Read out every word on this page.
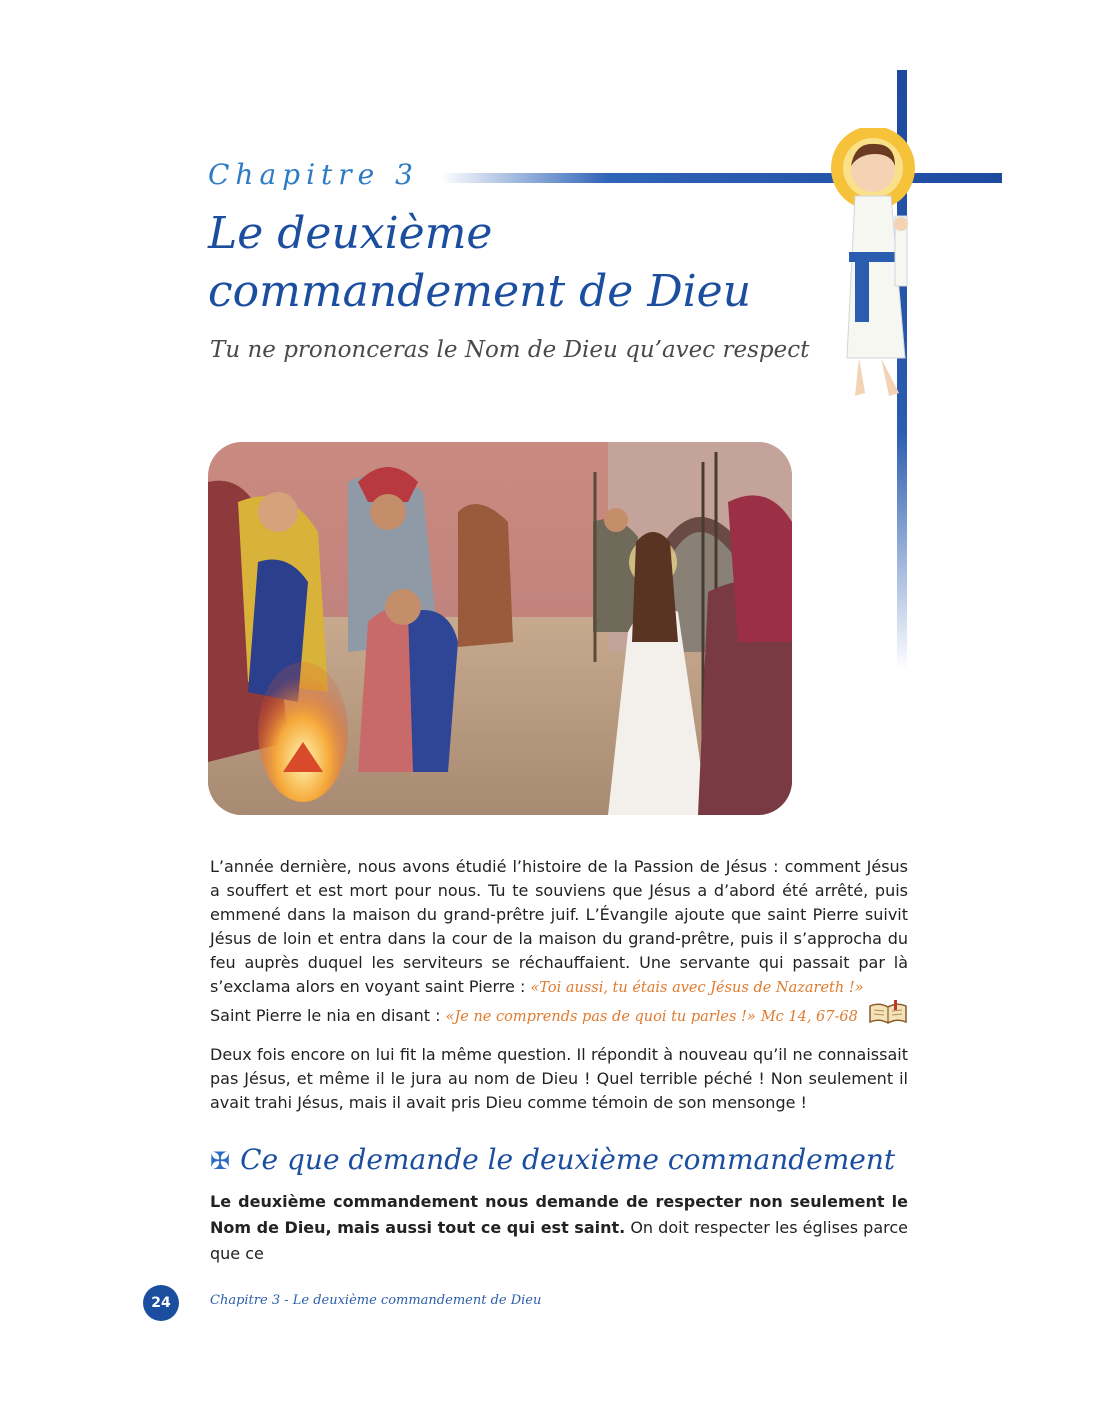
Chapitre 3
Le deuxième
commandement de Dieu
Tu ne prononceras le Nom de Dieu qu’avec respect

L’année dernière, nous avons étudié l’histoire de la Passion de Jésus : comment Jésus a souffert et est mort pour nous. Tu te souviens que Jésus a d’abord été arrêté, puis emmené dans la maison du grand-prêtre juif. L’Évangile ajoute que saint Pierre suivit Jésus de loin et entra dans la cour de la maison du grand-prêtre, puis il s’approcha du feu auprès duquel les serviteurs se réchauffaient. Une servante qui passait par là s’exclama alors en voyant saint Pierre : «Toi aussi, tu étais avec Jésus de Nazareth !»

Saint Pierre le nia en disant : «Je ne comprends pas de quoi tu parles !» Mc 14, 67-68

Deux fois encore on lui fit la même question. Il répondit à nouveau qu’il ne connaissait pas Jésus, et même il le jura au nom de Dieu ! Quel terrible péché ! Non seulement il avait trahi Jésus, mais il avait pris Dieu comme témoin de son mensonge !

✠ Ce que demande le deuxième commandement
Le deuxième commandement nous demande de respecter non seulement le Nom de Dieu, mais aussi tout ce qui est saint. On doit respecter les églises parce que ce
24	Chapitre 3 - Le deuxième commandement de Dieu
